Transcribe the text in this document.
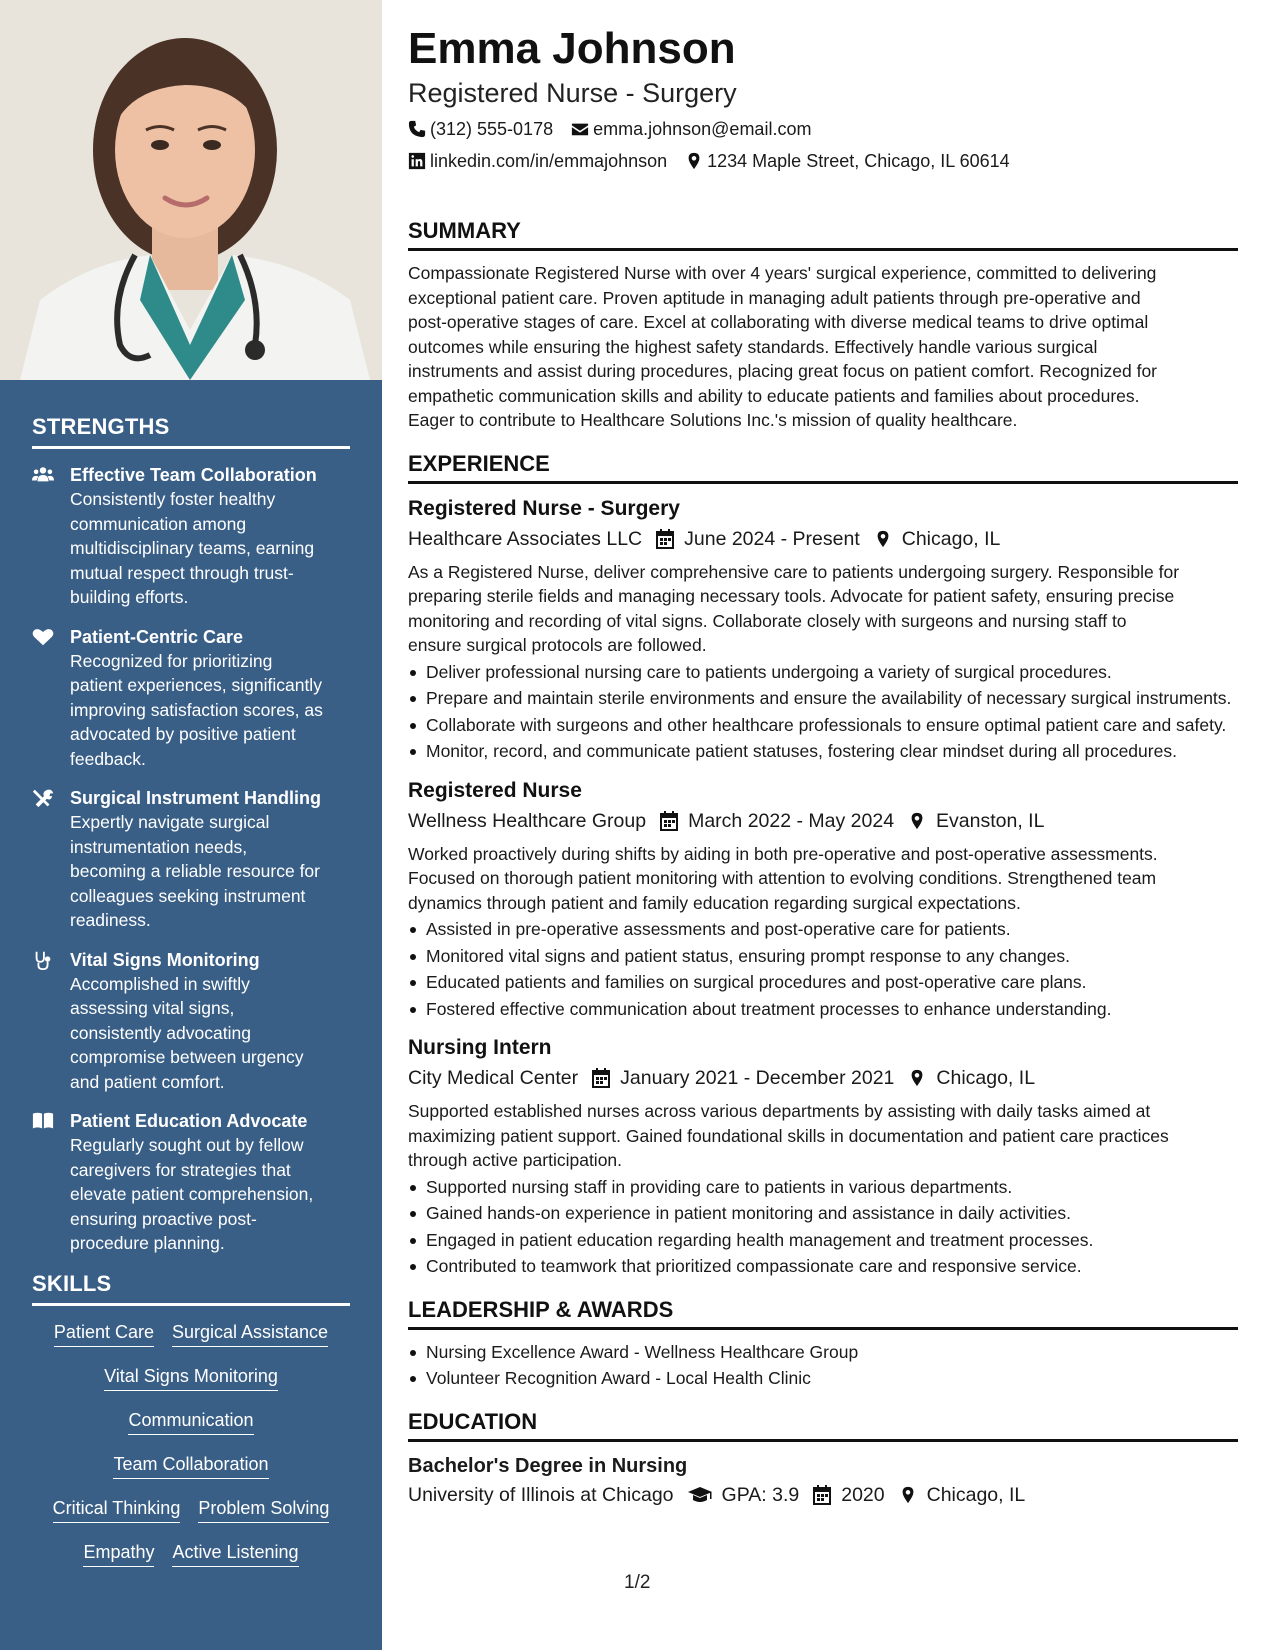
STRENGTHS
Effective Team Collaboration
Consistently foster healthy
communication among
multidisciplinary teams, earning
mutual respect through trust-
building efforts.
Patient-Centric Care
Recognized for prioritizing
patient experiences, significantly
improving satisfaction scores, as
advocated by positive patient
feedback.
Surgical Instrument Handling
Expertly navigate surgical
instrumentation needs,
becoming a reliable resource for
colleagues seeking instrument
readiness.
Vital Signs Monitoring
Accomplished in swiftly
assessing vital signs,
consistently advocating
compromise between urgency
and patient comfort.
Patient Education Advocate
Regularly sought out by fellow
caregivers for strategies that
elevate patient comprehension,
ensuring proactive post-
procedure planning.
SKILLS
Patient Care Surgical Assistance
Vital Signs Monitoring
Communication
Team Collaboration
Critical Thinking Problem Solving
Empathy Active Listening
Emma Johnson
Registered Nurse - Surgery
(312) 555-0178 emma.johnson@email.com
linkedin.com/in/emmajohnson 1234 Maple Street, Chicago, IL 60614
SUMMARY
Compassionate Registered Nurse with over 4 years' surgical experience, committed to delivering
exceptional patient care. Proven aptitude in managing adult patients through pre-operative and
post-operative stages of care. Excel at collaborating with diverse medical teams to drive optimal
outcomes while ensuring the highest safety standards. Effectively handle various surgical
instruments and assist during procedures, placing great focus on patient comfort. Recognized for
empathetic communication skills and ability to educate patients and families about procedures.
Eager to contribute to Healthcare Solutions Inc.'s mission of quality healthcare.
EXPERIENCE
Registered Nurse - Surgery
Healthcare Associates LLC June 2024 - Present Chicago, IL
As a Registered Nurse, deliver comprehensive care to patients undergoing surgery. Responsible for
preparing sterile fields and managing necessary tools. Advocate for patient safety, ensuring precise
monitoring and recording of vital signs. Collaborate closely with surgeons and nursing staff to
ensure surgical protocols are followed.
Deliver professional nursing care to patients undergoing a variety of surgical procedures.
Prepare and maintain sterile environments and ensure the availability of necessary surgical instruments.
Collaborate with surgeons and other healthcare professionals to ensure optimal patient care and safety.
Monitor, record, and communicate patient statuses, fostering clear mindset during all procedures.
Registered Nurse
Wellness Healthcare Group March 2022 - May 2024 Evanston, IL
Worked proactively during shifts by aiding in both pre-operative and post-operative assessments.
Focused on thorough patient monitoring with attention to evolving conditions. Strengthened team
dynamics through patient and family education regarding surgical expectations.
Assisted in pre-operative assessments and post-operative care for patients.
Monitored vital signs and patient status, ensuring prompt response to any changes.
Educated patients and families on surgical procedures and post-operative care plans.
Fostered effective communication about treatment processes to enhance understanding.
Nursing Intern
City Medical Center January 2021 - December 2021 Chicago, IL
Supported established nurses across various departments by assisting with daily tasks aimed at
maximizing patient support. Gained foundational skills in documentation and patient care practices
through active participation.
Supported nursing staff in providing care to patients in various departments.
Gained hands-on experience in patient monitoring and assistance in daily activities.
Engaged in patient education regarding health management and treatment processes.
Contributed to teamwork that prioritized compassionate care and responsive service.
LEADERSHIP & AWARDS
Nursing Excellence Award - Wellness Healthcare Group
Volunteer Recognition Award - Local Health Clinic
EDUCATION
Bachelor's Degree in Nursing
University of Illinois at Chicago GPA: 3.9 2020 Chicago, IL
1/2
